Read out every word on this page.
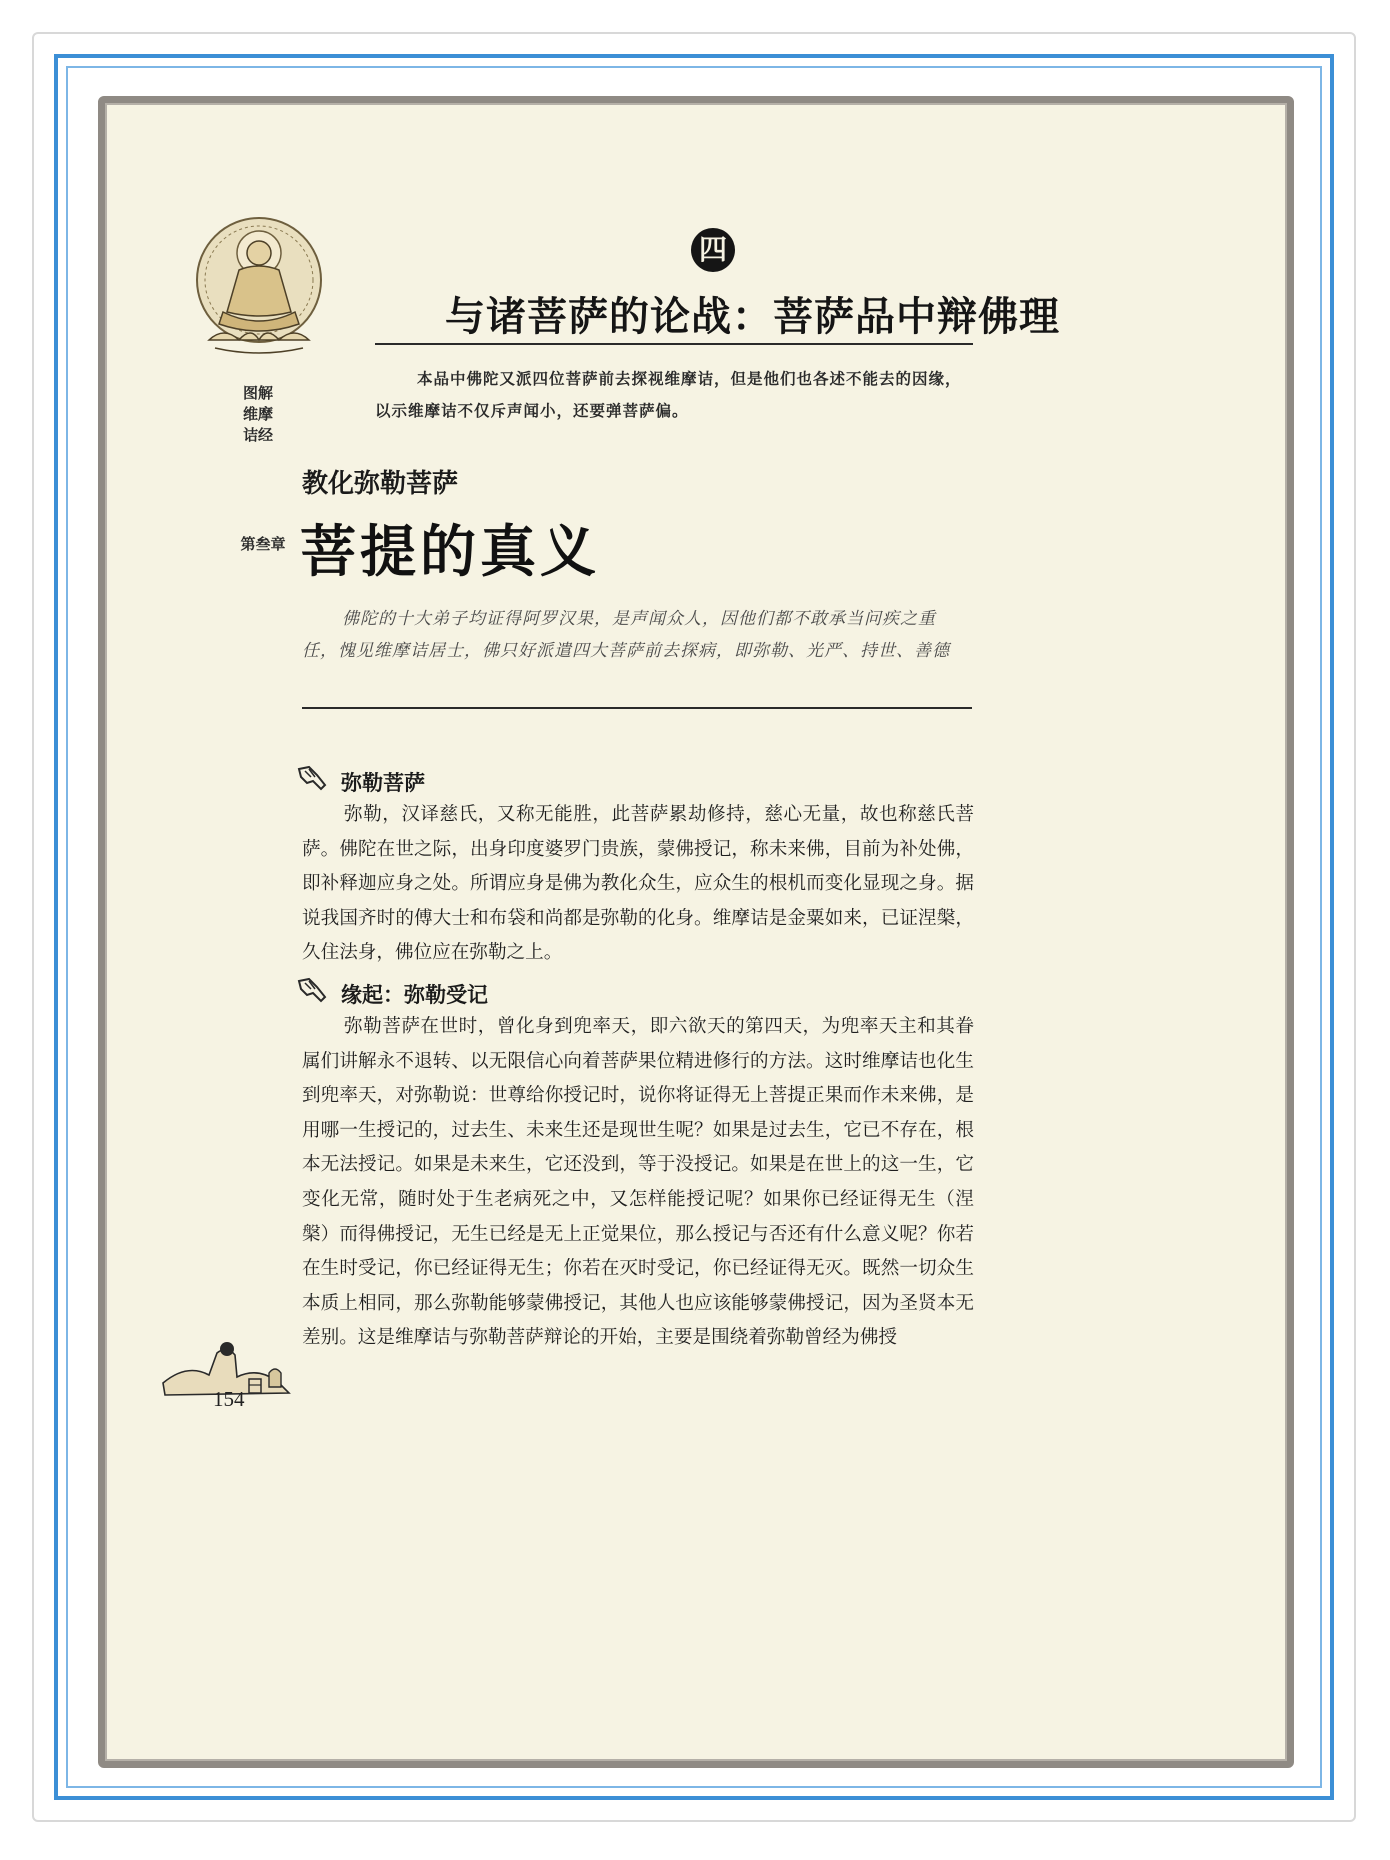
图解维摩诘经
第叁章
四
与诸菩萨的论战：菩萨品中辩佛理
本品中佛陀又派四位菩萨前去探视维摩诘，但是他们也各述不能去的因缘，以示维摩诘不仅斥声闻小，还要弹菩萨偏。
教化弥勒菩萨
菩提的真义
佛陀的十大弟子均证得阿罗汉果，是声闻众人，因他们都不敢承当问疾之重任，愧见维摩诘居士，佛只好派遣四大菩萨前去探病，即弥勒、光严、持世、善德
弥勒菩萨
弥勒，汉译慈氏，又称无能胜，此菩萨累劫修持，慈心无量，故也称慈氏菩萨。佛陀在世之际，出身印度婆罗门贵族，蒙佛授记，称未来佛，目前为补处佛，即补释迦应身之处。所谓应身是佛为教化众生，应众生的根机而变化显现之身。据说我国齐时的傅大士和布袋和尚都是弥勒的化身。维摩诘是金粟如来，已证涅槃，久住法身，佛位应在弥勒之上。
缘起：弥勒受记
弥勒菩萨在世时，曾化身到兜率天，即六欲天的第四天，为兜率天主和其眷属们讲解永不退转、以无限信心向着菩萨果位精进修行的方法。这时维摩诘也化生到兜率天，对弥勒说：世尊给你授记时，说你将证得无上菩提正果而作未来佛，是用哪一生授记的，过去生、未来生还是现世生呢？如果是过去生，它已不存在，根本无法授记。如果是未来生，它还没到，等于没授记。如果是在世上的这一生，它变化无常，随时处于生老病死之中，又怎样能授记呢？如果你已经证得无生（涅槃）而得佛授记，无生已经是无上正觉果位，那么授记与否还有什么意义呢？你若在生时受记，你已经证得无生；你若在灭时受记，你已经证得无灭。既然一切众生本质上相同，那么弥勒能够蒙佛授记，其他人也应该能够蒙佛授记，因为圣贤本无差别。这是维摩诘与弥勒菩萨辩论的开始，主要是围绕着弥勒曾经为佛授
154
